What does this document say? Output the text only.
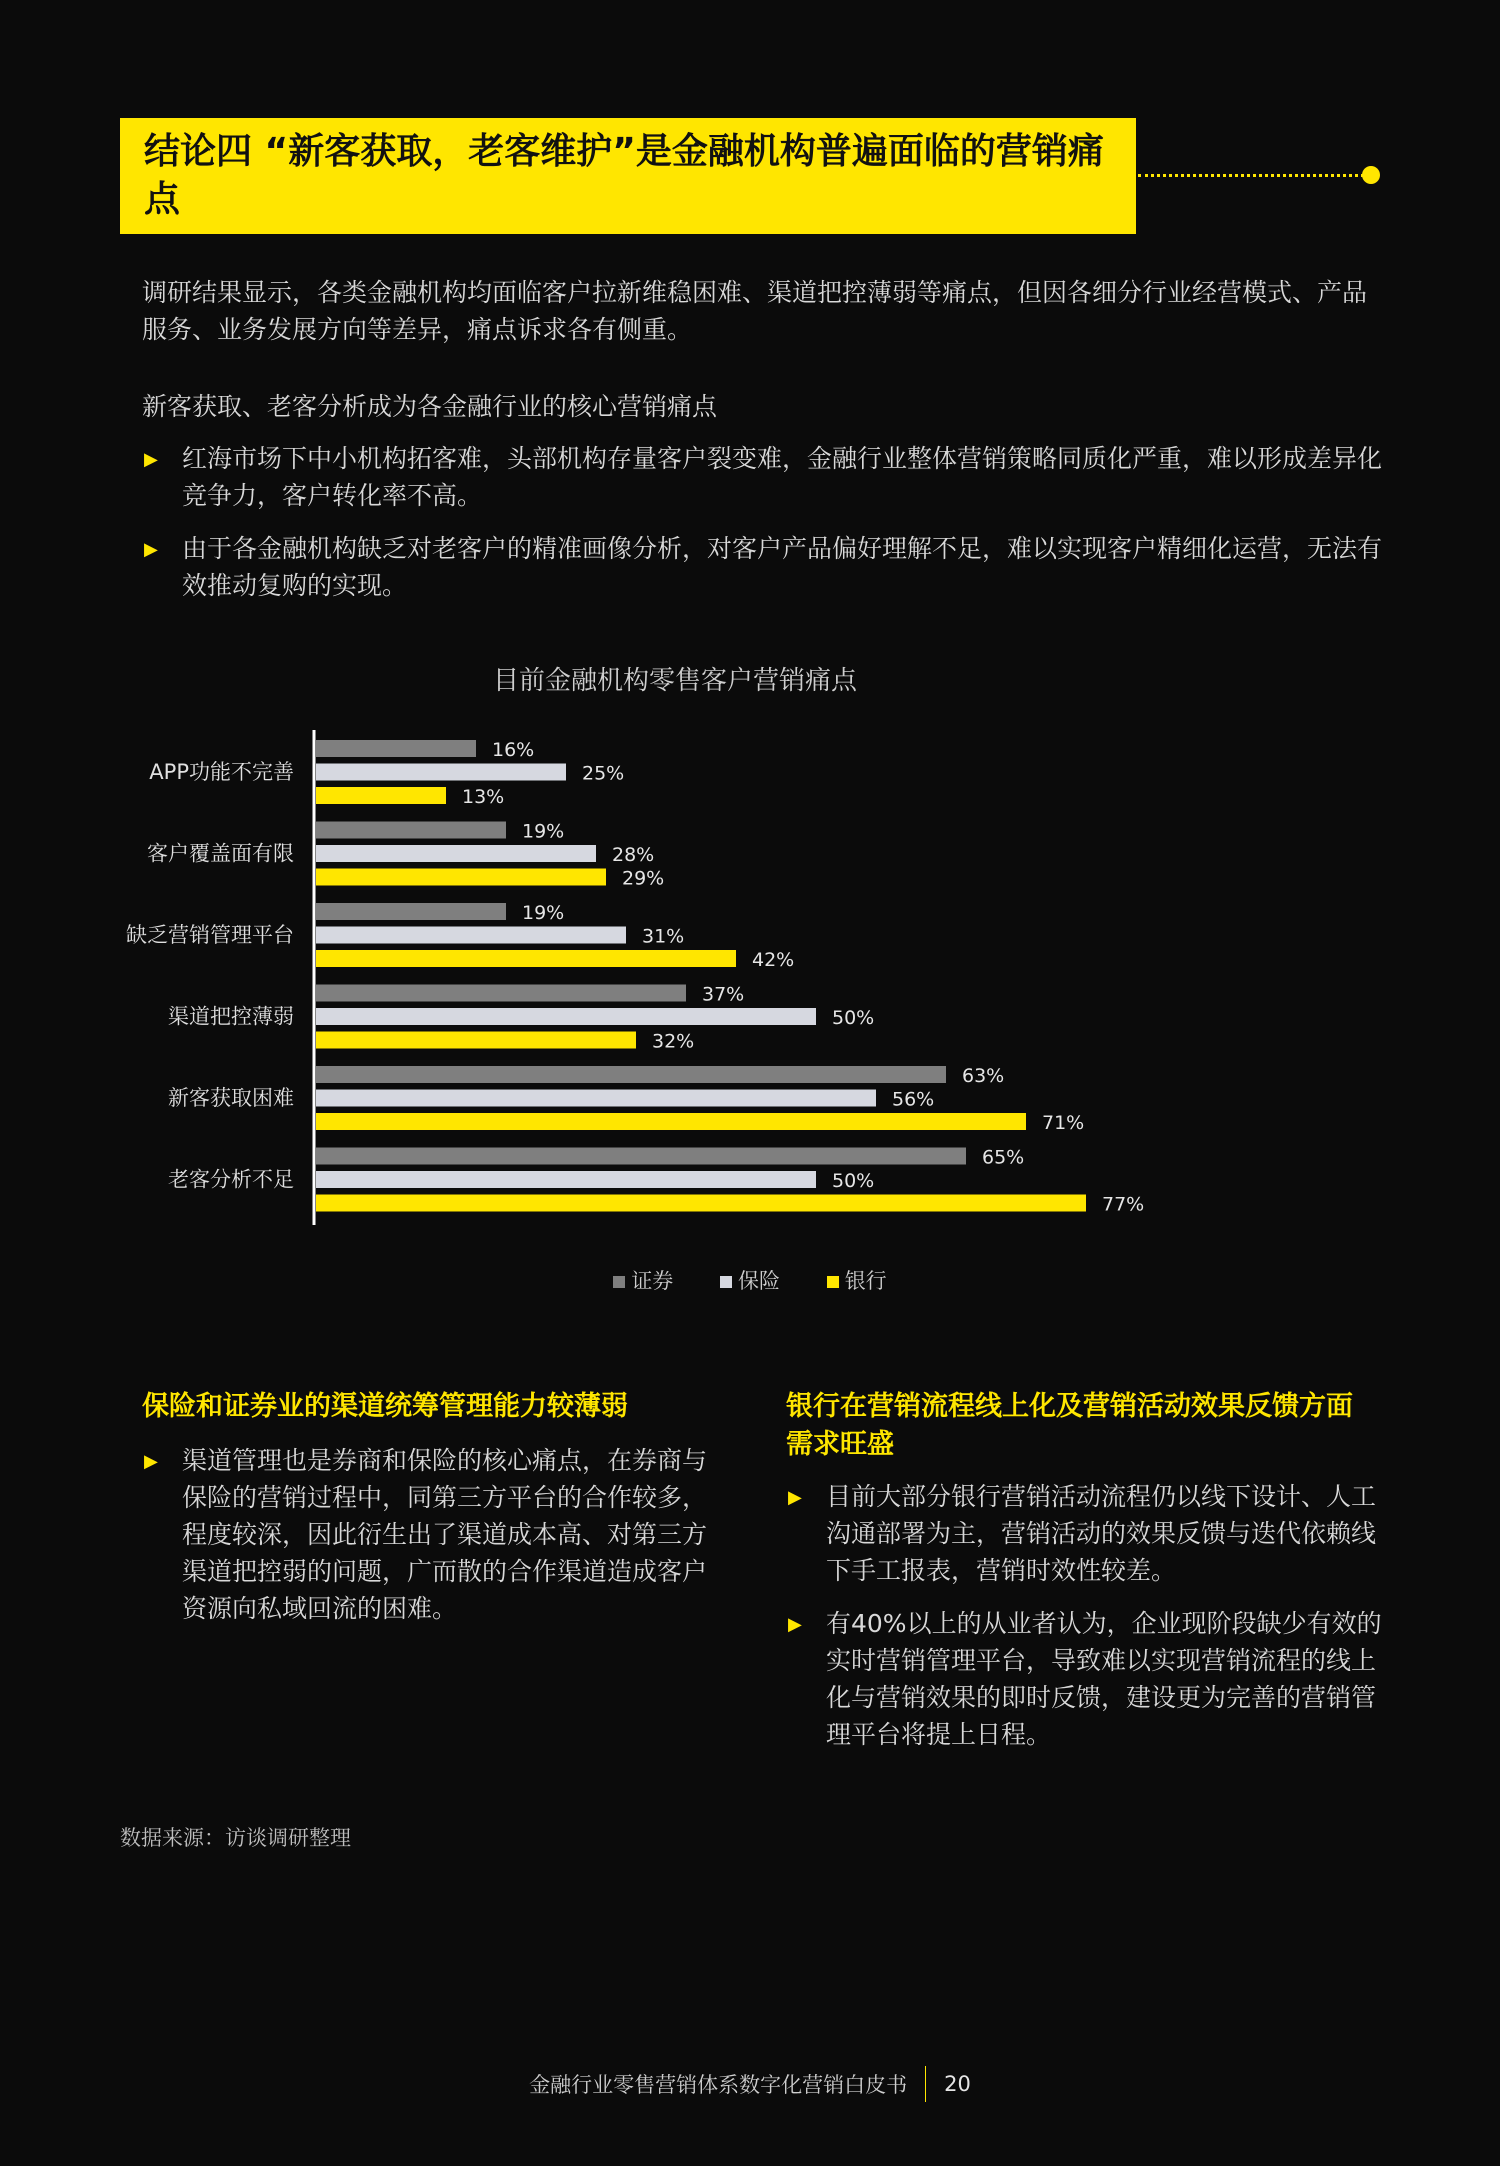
结论四 “新客获取，老客维护”是金融机构普遍面临的营销痛点

调研结果显示，各类金融机构均面临客户拉新维稳困难、渠道把控薄弱等痛点，但因各细分行业经营模式、产品服务、业务发展方向等差异，痛点诉求各有侧重。

新客获取、老客分析成为各金融行业的核心营销痛点

▶ 红海市场下中小机构拓客难，头部机构存量客户裂变难，金融行业整体营销策略同质化严重，难以形成差异化竞争力，客户转化率不高。
▶ 由于各金融机构缺乏对老客户的精准画像分析，对客户产品偏好理解不足，难以实现客户精细化运营，无法有效推动复购的实现。

目前金融机构零售客户营销痛点

APP功能不完善
16%
25%
13%
客户覆盖面有限
19%
28%
29%
缺乏营销管理平台
19%
31%
42%
渠道把控薄弱
37%
50%
32%
新客获取困难
63%
56%
71%
老客分析不足
65%
50%
77%
证券	保险	银行

保险和证券业的渠道统筹管理能力较薄弱

▶ 渠道管理也是券商和保险的核心痛点，在券商与保险的营销过程中，同第三方平台的合作较多，程度较深，因此衍生出了渠道成本高、对第三方渠道把控弱的问题，广而散的合作渠道造成客户资源向私域回流的困难。

银行在营销流程线上化及营销活动效果反馈方面需求旺盛

▶ 目前大部分银行营销活动流程仍以线下设计、人工沟通部署为主，营销活动的效果反馈与迭代依赖线下手工报表，营销时效性较差。
▶ 有40%以上的从业者认为，企业现阶段缺少有效的实时营销管理平台，导致难以实现营销流程的线上化与营销效果的即时反馈，建设更为完善的营销管理平台将提上日程。

数据来源：访谈调研整理

金融行业零售营销体系数字化营销白皮书 20
